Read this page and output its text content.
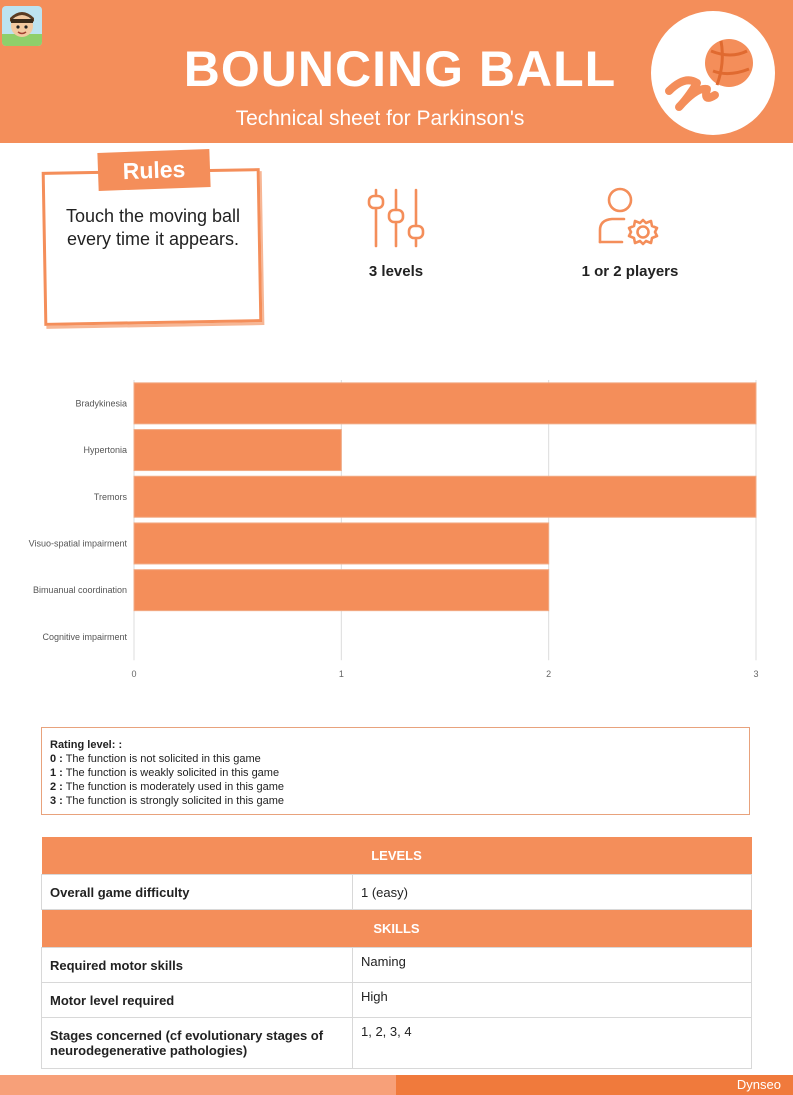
BOUNCING BALL
Technical sheet for Parkinson's
Rules
Touch the moving ball every time it appears.
3 levels	1 or 2 players
0	1	2	3
Bradykinesia
Hypertonia
Tremors
Visuo-spatial impairment
Bimuanual coordination
Cognitive impairment
Rating level: :
0 : The function is not solicited in this game
1 : The function is weakly solicited in this game
2 : The function is moderately used in this game
3 : The function is strongly solicited in this game
LEVELS	
Overall game difficulty	1 (easy)
SKILLS	
Required motor skills	Naming
Motor level required	High
Stages concerned (cf evolutionary stages of neurodegenerative pathologies)	1, 2, 3, 4
Dynseo
